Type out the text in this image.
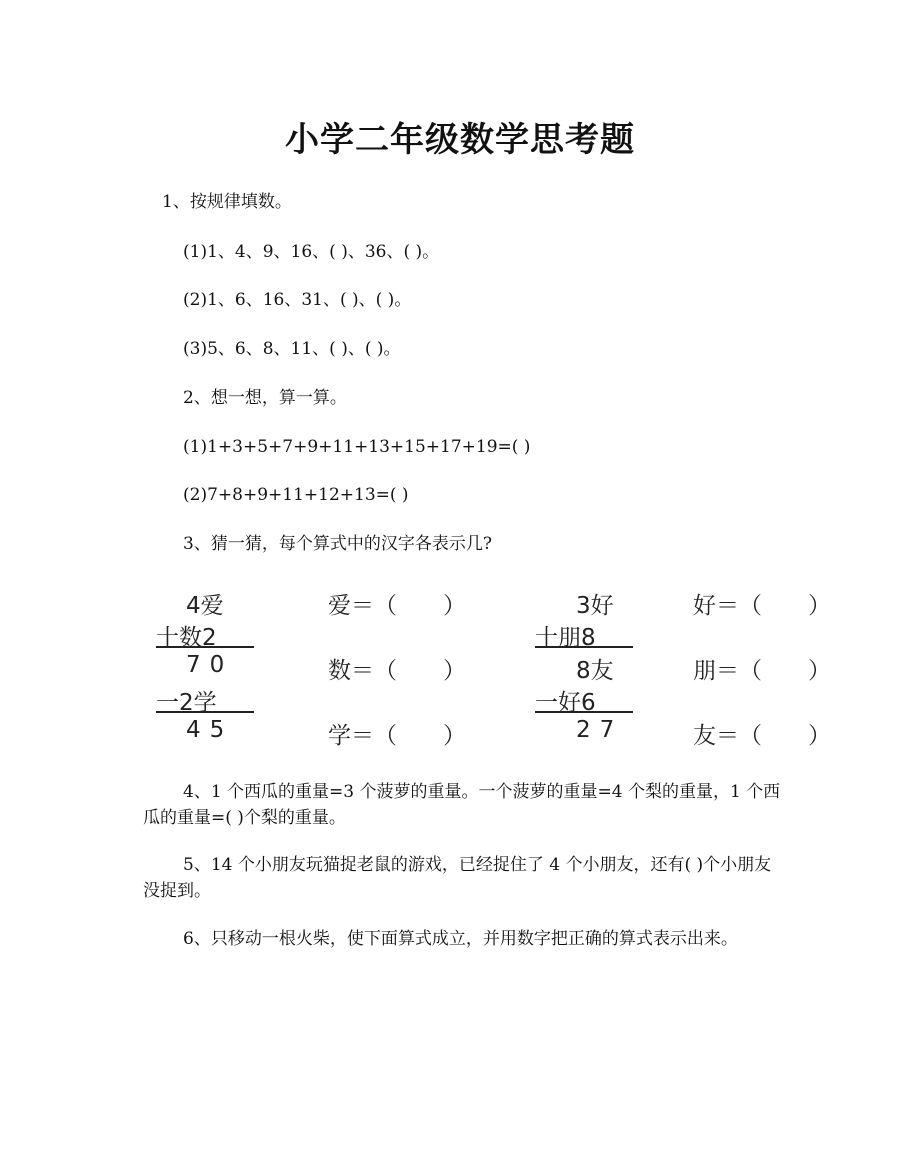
小学二年级数学思考题
1、按规律填数。
(1)1、4、9、16、( )、36、( )。
(2)1、6、16、31、( )、( )。
(3)5、6、8、11、( )、( )。
2、想一想，算一算。
(1)1+3+5+7+9+11+13+15+17+19=( )
(2)7+8+9+11+12+13=( )
3、猜一猜，每个算式中的汉字各表示几?
4爱
十数2
70
一2学
45
爱＝（　　）
数＝（　　）
学＝（　　）
3好
十朋8
8友
一好6
27
好＝（　　）
朋＝（　　）
友＝（　　）
4、1 个西瓜的重量=3 个菠萝的重量。一个菠萝的重量=4 个梨的重量，1 个西瓜的重量=( )个梨的重量。
5、14 个小朋友玩猫捉老鼠的游戏，已经捉住了 4 个小朋友，还有( )个小朋友没捉到。
6、只移动一根火柴，使下面算式成立，并用数字把正确的算式表示出来。
